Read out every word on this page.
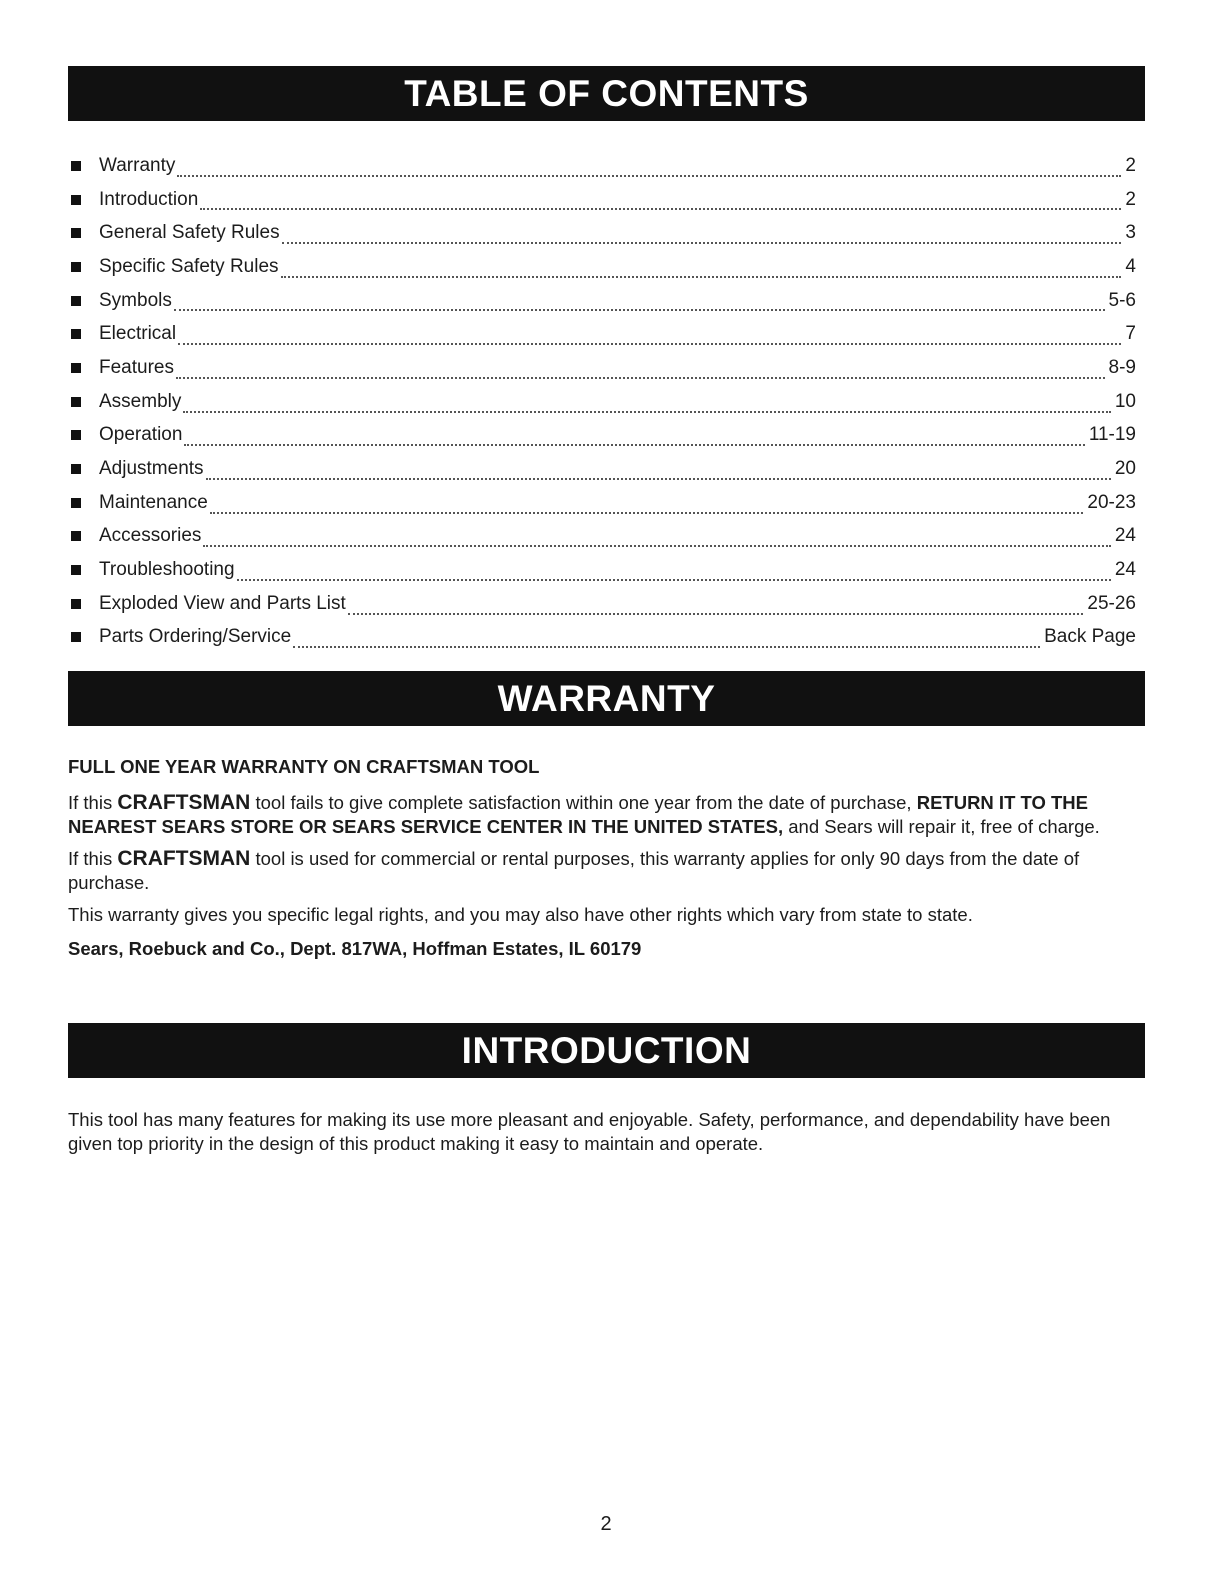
TABLE OF CONTENTS
Warranty	2
Introduction	2
General Safety Rules	3
Specific Safety Rules	4
Symbols	5-6
Electrical	7
Features	8-9
Assembly	10
Operation	11-19
Adjustments	20
Maintenance	20-23
Accessories	24
Troubleshooting	24
Exploded View and Parts List	25-26
Parts Ordering/Service	Back Page
WARRANTY
FULL ONE YEAR WARRANTY ON CRAFTSMAN TOOL

If this CRAFTSMAN tool fails to give complete satisfaction within one year from the date of purchase, RETURN IT TO THE NEAREST SEARS STORE OR SEARS SERVICE CENTER IN THE UNITED STATES, and Sears will repair it, free of charge.

If this CRAFTSMAN tool is used for commercial or rental purposes, this warranty applies for only 90 days from the date of purchase.

This warranty gives you specific legal rights, and you may also have other rights which vary from state to state.

Sears, Roebuck and Co., Dept. 817WA, Hoffman Estates, IL 60179
INTRODUCTION

This tool has many features for making its use more pleasant and enjoyable. Safety, performance, and dependability have been given top priority in the design of this product making it easy to maintain and operate.

2
